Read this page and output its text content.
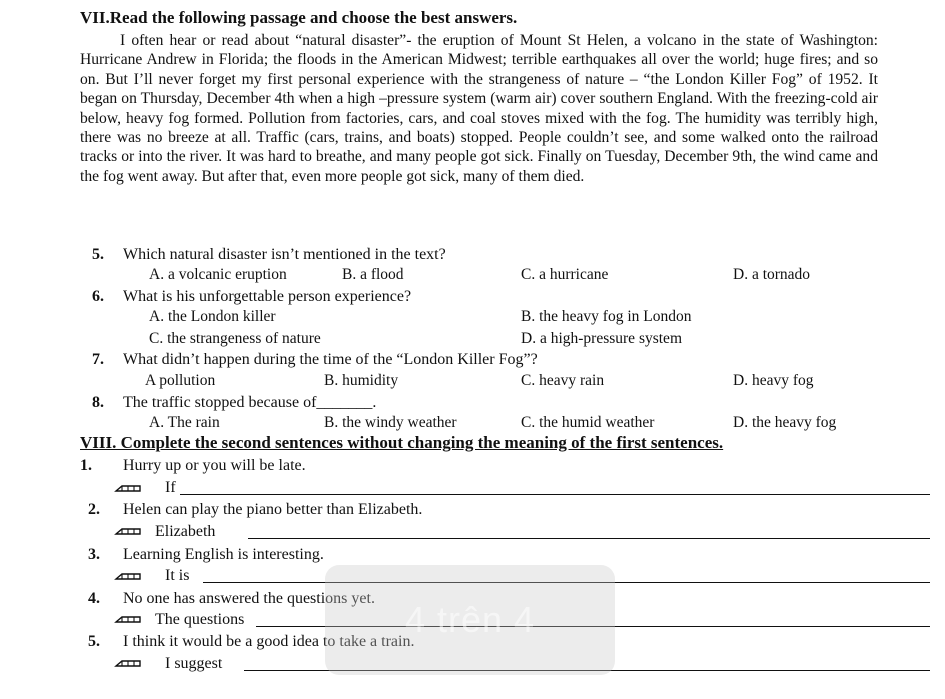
VII.Read the following passage and choose the best answers.

I often hear or read about “natural disaster”- the eruption of Mount St Helen, a volcano in the state of Washington: Hurricane Andrew in Florida; the floods in the American Midwest; terrible earthquakes all over the world; huge fires; and so on. But I’ll never forget my first personal experience with the strangeness of nature – “the London Killer Fog” of 1952. It began on Thursday, December 4th when a high –pressure system (warm air) cover southern England. With the freezing-cold air below, heavy fog formed. Pollution from factories, cars, and coal stoves mixed with the fog. The humidity was terribly high, there was no breeze at all. Traffic (cars, trains, and boats) stopped. People couldn’t see, and some walked onto the railroad tracks or into the river. It was hard to breathe, and many people got sick. Finally on Tuesday, December 9th, the wind came and the fog went away. But after that, even more people got sick, many of them died.

5. Which natural disaster isn’t mentioned in the text?
A. a volcanic eruption	B. a flood	C. a hurricane	D. a tornado
6. What is his unforgettable person experience?
A. the London killer	B. the heavy fog in London
C. the strangeness of nature	D. a high-pressure system
7. What didn’t happen during the time of the “London Killer Fog”?
A pollution	B. humidity	C. heavy rain	D. heavy fog
8. The traffic stopped because of_______.
A. The rain	B. the windy weather	C. the humid weather	D. the heavy fog
VIII. Complete the second sentences without changing the meaning of the first sentences.
1. Hurry up or you will be late.
If
2. Helen can play the piano better than Elizabeth.
Elizabeth
3. Learning English is interesting.
It is
4. No one has answered the questions yet.
The questions
5. I think it would be a good idea to take a train.
I suggest
4 trên 4
